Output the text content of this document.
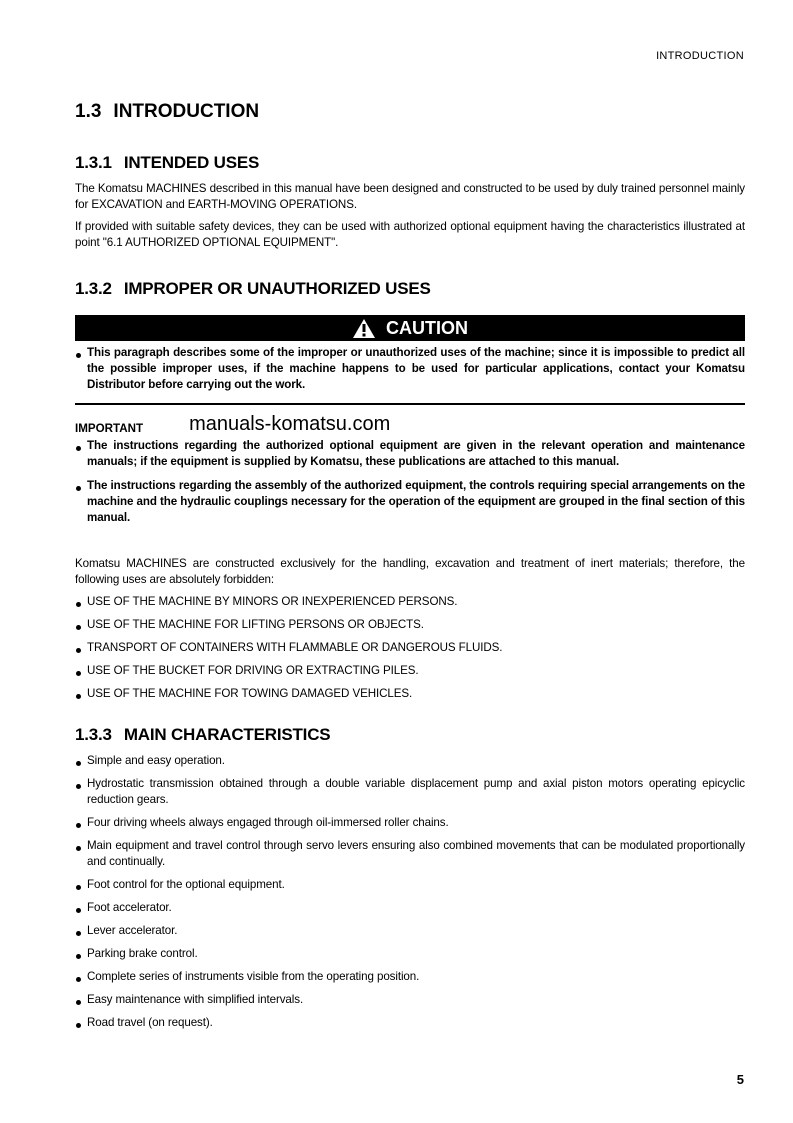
INTRODUCTION
1.3 INTRODUCTION
1.3.1 INTENDED USES

The Komatsu MACHINES described in this manual have been designed and constructed to be used by duly trained personnel mainly for EXCAVATION and EARTH-MOVING OPERATIONS.

If provided with suitable safety devices, they can be used with authorized optional equipment having the characteristics illustrated at point "6.1 AUTHORIZED OPTIONAL EQUIPMENT".

1.3.2 IMPROPER OR UNAUTHORIZED USES
CAUTION
This paragraph describes some of the improper or unauthorized uses of the machine; since it is impossible to predict all the possible improper uses, if the machine happens to be used for particular applications, contact your Komatsu Distributor before carrying out the work.
IMPORTANT manuals-komatsu.com
The instructions regarding the authorized optional equipment are given in the relevant operation and maintenance manuals; if the equipment is supplied by Komatsu, these publications are attached to this manual.
The instructions regarding the assembly of the authorized equipment, the controls requiring special arrangements on the machine and the hydraulic couplings necessary for the operation of the equipment are grouped in the final section of this manual.

Komatsu MACHINES are constructed exclusively for the handling, excavation and treatment of inert materials; therefore, the following uses are absolutely forbidden:

USE OF THE MACHINE BY MINORS OR INEXPERIENCED PERSONS.
USE OF THE MACHINE FOR LIFTING PERSONS OR OBJECTS.
TRANSPORT OF CONTAINERS WITH FLAMMABLE OR DANGEROUS FLUIDS.
USE OF THE BUCKET FOR DRIVING OR EXTRACTING PILES.
USE OF THE MACHINE FOR TOWING DAMAGED VEHICLES.
1.3.3 MAIN CHARACTERISTICS
Simple and easy operation.
Hydrostatic transmission obtained through a double variable displacement pump and axial piston motors operating epicyclic reduction gears.
Four driving wheels always engaged through oil-immersed roller chains.
Main equipment and travel control through servo levers ensuring also combined movements that can be modulated proportionally and continually.
Foot control for the optional equipment.
Foot accelerator.
Lever accelerator.
Parking brake control.
Complete series of instruments visible from the operating position.
Easy maintenance with simplified intervals.
Road travel (on request).
5
